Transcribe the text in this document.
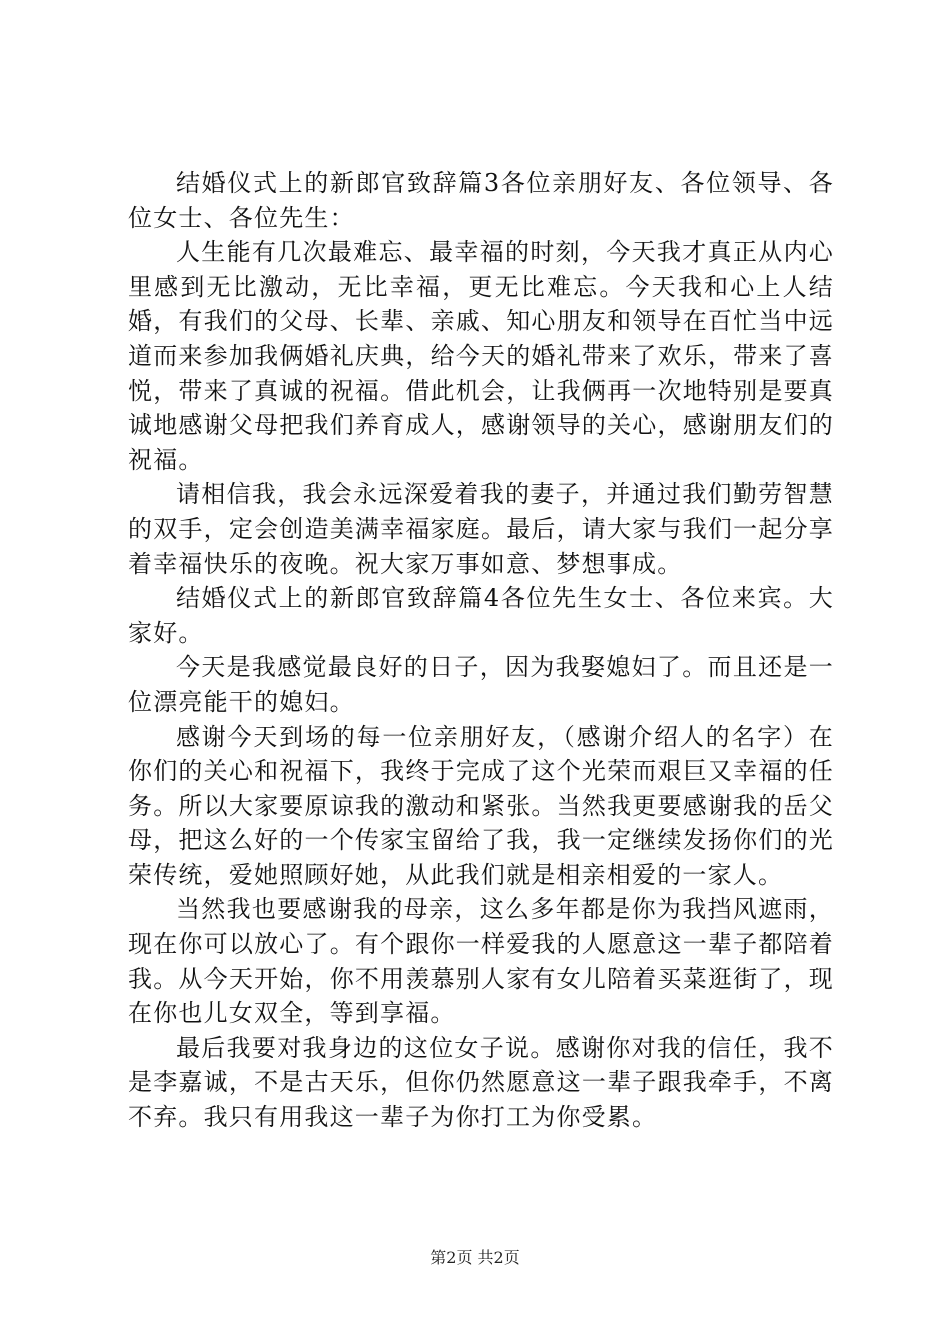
结婚仪式上的新郎官致辞篇3各位亲朋好友、各位领导、各位女士、各位先生：

人生能有几次最难忘、最幸福的时刻，今天我才真正从内心里感到无比激动，无比幸福，更无比难忘。今天我和心上人结婚，有我们的父母、长辈、亲戚、知心朋友和领导在百忙当中远道而来参加我俩婚礼庆典，给今天的婚礼带来了欢乐，带来了喜悦，带来了真诚的祝福。借此机会，让我俩再一次地特别是要真诚地感谢父母把我们养育成人，感谢领导的关心，感谢朋友们的祝福。

请相信我，我会永远深爱着我的妻子，并通过我们勤劳智慧的双手，定会创造美满幸福家庭。最后，请大家与我们一起分享着幸福快乐的夜晚。祝大家万事如意、梦想事成。

结婚仪式上的新郎官致辞篇4各位先生女士、各位来宾。大家好。

今天是我感觉最良好的日子，因为我娶媳妇了。而且还是一位漂亮能干的媳妇。

感谢今天到场的每一位亲朋好友，（感谢介绍人的名字）在你们的关心和祝福下，我终于完成了这个光荣而艰巨又幸福的任务。所以大家要原谅我的激动和紧张。当然我更要感谢我的岳父母，把这么好的一个传家宝留给了我，我一定继续发扬你们的光荣传统，爱她照顾好她，从此我们就是相亲相爱的一家人。

当然我也要感谢我的母亲，这么多年都是你为我挡风遮雨，现在你可以放心了。有个跟你一样爱我的人愿意这一辈子都陪着我。从今天开始，你不用羡慕别人家有女儿陪着买菜逛街了，现在你也儿女双全，等到享福。

最后我要对我身边的这位女子说。感谢你对我的信任，我不是李嘉诚，不是古天乐，但你仍然愿意这一辈子跟我牵手，不离不弃。我只有用我这一辈子为你打工为你受累。

第2页 共2页
